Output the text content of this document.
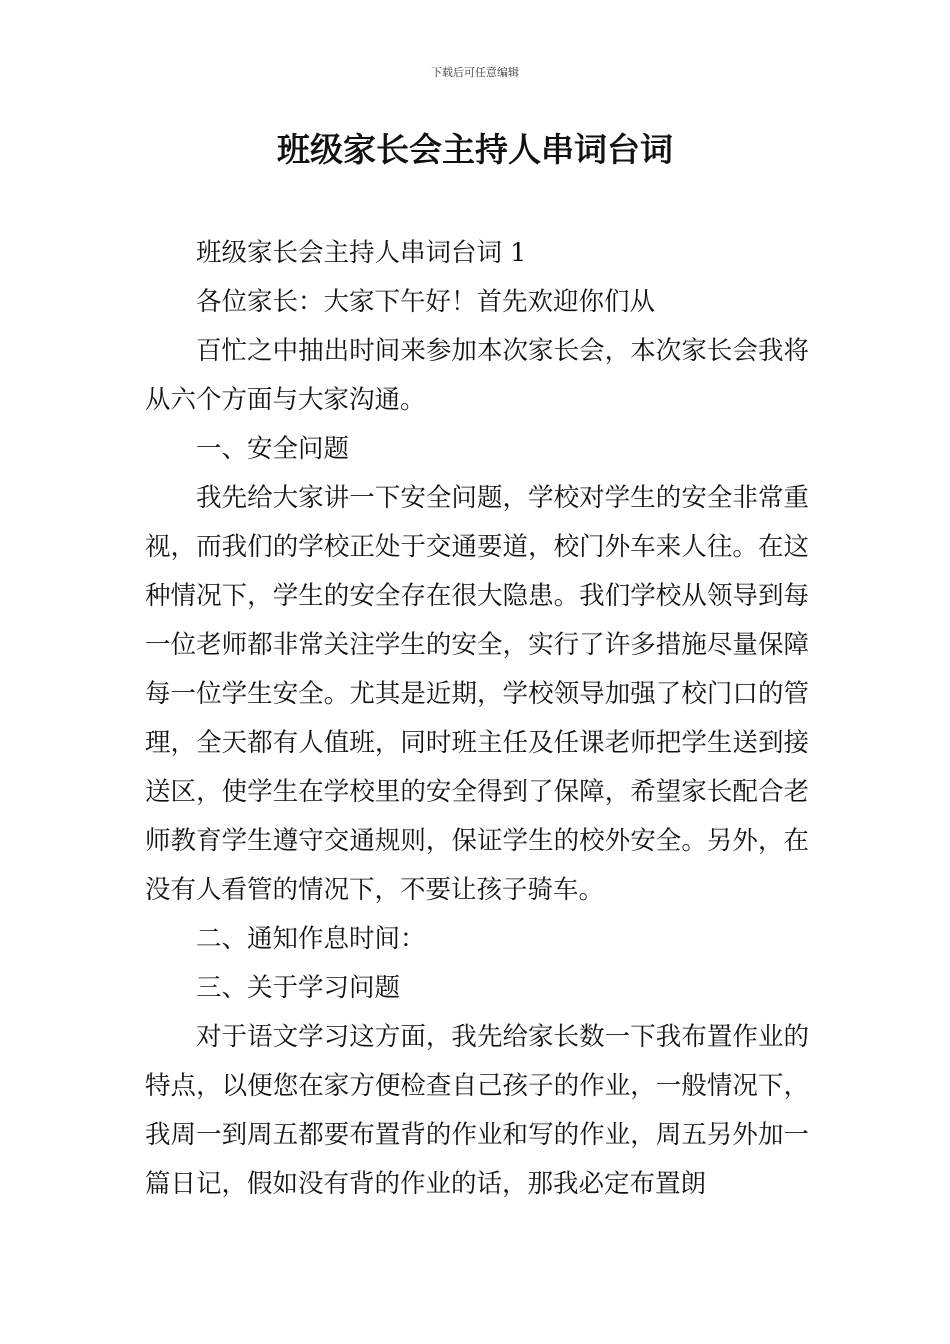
下载后可任意编辑
班级家长会主持人串词台词

班级家长会主持人串词台词 1

各位家长：大家下午好！首先欢迎你们从

百忙之中抽出时间来参加本次家长会，本次家长会我将从六个方面与大家沟通。

一、安全问题

我先给大家讲一下安全问题，学校对学生的安全非常重视，而我们的学校正处于交通要道，校门外车来人往。在这种情况下，学生的安全存在很大隐患。我们学校从领导到每一位老师都非常关注学生的安全，实行了许多措施尽量保障每一位学生安全。尤其是近期，学校领导加强了校门口的管理，全天都有人值班，同时班主任及任课老师把学生送到接送区，使学生在学校里的安全得到了保障，希望家长配合老师教育学生遵守交通规则，保证学生的校外安全。另外，在没有人看管的情况下，不要让孩子骑车。

二、通知作息时间：

三、关于学习问题

对于语文学习这方面，我先给家长数一下我布置作业的特点，以便您在家方便检查自己孩子的作业，一般情况下，我周一到周五都要布置背的作业和写的作业，周五另外加一篇日记，假如没有背的作业的话，那我必定布置朗
